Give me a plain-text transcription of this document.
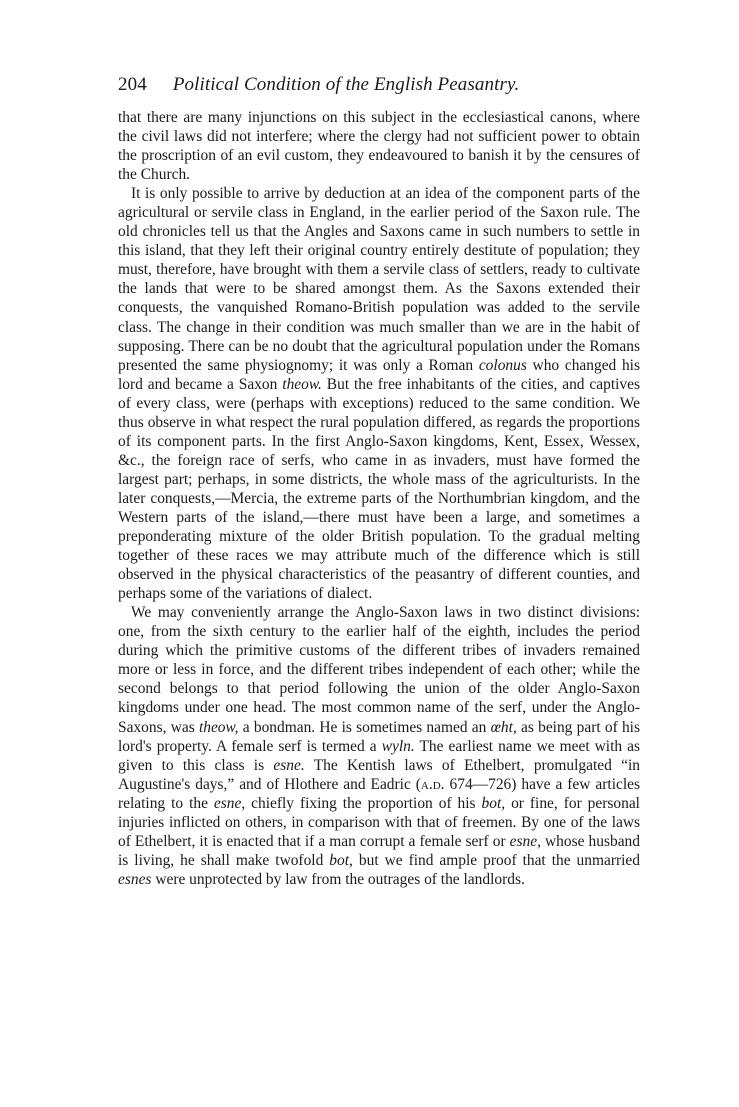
204 Political Condition of the English Peasantry.

that there are many injunctions on this subject in the ecclesiastical canons, where the civil laws did not interfere; where the clergy had not sufficient power to obtain the proscription of an evil custom, they endeavoured to banish it by the censures of the Church.

It is only possible to arrive by deduction at an idea of the component parts of the agricultural or servile class in England, in the earlier period of the Saxon rule. The old chronicles tell us that the Angles and Saxons came in such numbers to settle in this island, that they left their original country entirely destitute of population; they must, therefore, have brought with them a servile class of settlers, ready to cultivate the lands that were to be shared amongst them. As the Saxons extended their conquests, the vanquished Romano-British population was added to the servile class. The change in their condition was much smaller than we are in the habit of supposing. There can be no doubt that the agricultural population under the Romans presented the same physiognomy; it was only a Roman colonus who changed his lord and became a Saxon theow. But the free inhabitants of the cities, and captives of every class, were (perhaps with exceptions) reduced to the same condition. We thus observe in what respect the rural population differed, as regards the proportions of its component parts. In the first Anglo-Saxon kingdoms, Kent, Essex, Wessex, &c., the foreign race of serfs, who came in as invaders, must have formed the largest part; perhaps, in some districts, the whole mass of the agriculturists. In the later conquests,—Mercia, the extreme parts of the Northumbrian kingdom, and the Western parts of the island,—there must have been a large, and sometimes a preponderating mixture of the older British population. To the gradual melting together of these races we may attribute much of the difference which is still observed in the physical characteristics of the peasantry of different counties, and perhaps some of the variations of dialect.

We may conveniently arrange the Anglo-Saxon laws in two distinct divisions: one, from the sixth century to the earlier half of the eighth, includes the period during which the primitive customs of the different tribes of invaders remained more or less in force, and the different tribes independent of each other; while the second belongs to that period following the union of the older Anglo-Saxon kingdoms under one head. The most common name of the serf, under the Anglo-Saxons, was theow, a bondman. He is sometimes named an œht, as being part of his lord's property. A female serf is termed a wyln. The earliest name we meet with as given to this class is esne. The Kentish laws of Ethelbert, promulgated “in Augustine's days,” and of Hlothere and Eadric (a.d. 674—726) have a few articles relating to the esne, chiefly fixing the proportion of his bot, or fine, for personal injuries inflicted on others, in comparison with that of freemen. By one of the laws of Ethelbert, it is enacted that if a man corrupt a female serf or esne, whose husband is living, he shall make twofold bot, but we find ample proof that the unmarried esnes were unprotected by law from the outrages of the landlords.
